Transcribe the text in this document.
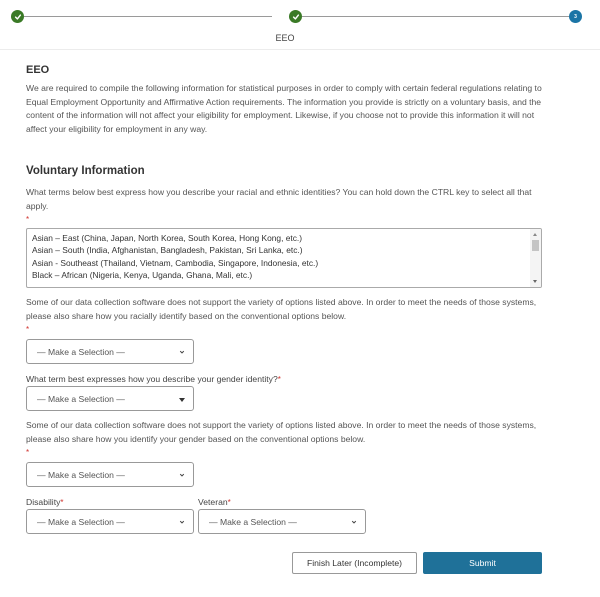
3
EEO
EEO

We are required to compile the following information for statistical purposes in order to comply with certain federal regulations relating to Equal Employment Opportunity and Affirmative Action requirements. The information you provide is strictly on a voluntary basis, and the content of the information will not affect your eligibility for employment. Likewise, if you choose not to provide this information it will not affect your eligibility for employment in any way.

Voluntary Information

What terms below best express how you describe your racial and ethnic identities? You can hold down the CTRL key to select all that apply.

*
Asian – East (China, Japan, North Korea, South Korea, Hong Kong, etc.)
Asian – South (India, Afghanistan, Bangladesh, Pakistan, Sri Lanka, etc.)
Asian - Southeast (Thailand, Vietnam, Cambodia, Singapore, Indonesia, etc.)
Black – African (Nigeria, Kenya, Uganda, Ghana, Mali, etc.)

Some of our data collection software does not support the variety of options listed above. In order to meet the needs of those systems, please also share how you racially identify based on the conventional options below.

*
— Make a Selection —
What term best expresses how you describe your gender identity?*
— Make a Selection —

Some of our data collection software does not support the variety of options listed above. In order to meet the needs of those systems, please also share how you identify your gender based on the conventional options below.

*
— Make a Selection —
Disability*
— Make a Selection —
Veteran*
— Make a Selection —
Finish Later (Incomplete)	Submit
